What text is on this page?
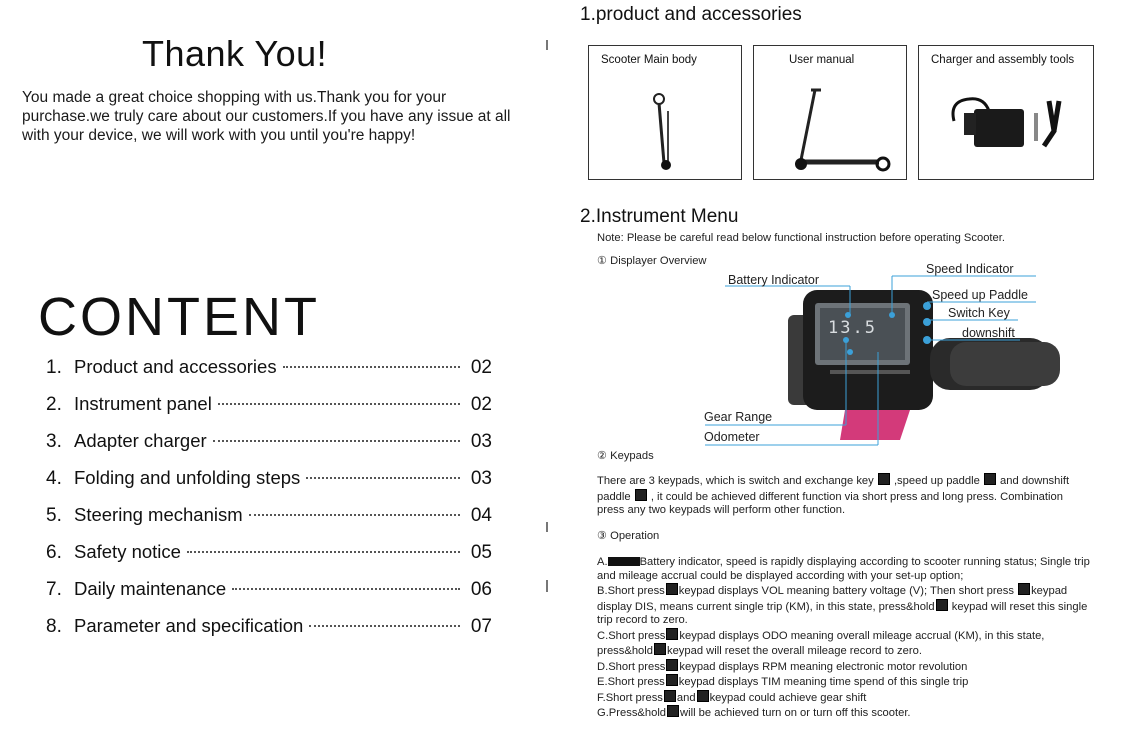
Thank You!
You made a great choice shopping with us.Thank you for your purchase.we truly care about our customers.If you have any issue at all with your device, we will work with you until you're happy!
CONTENT
1. Product and accessories	02
2. Instrument panel	02
3. Adapter charger	03
4. Folding and unfolding steps	03
5. Steering mechanism	04
6. Safety notice	05
7. Daily maintenance	06
8. Parameter and specification	07
1.product and accessories
Scooter Main body	User manual	Charger and assembly tools
2.Instrument Menu
Note: Please be careful read below functional instruction before operating Scooter.
① Displayer Overview
13.5
Battery Indicator
Speed Indicator
Speed up Paddle
Switch Key
downshift
Gear Range
Odometer
② Keypads
There are 3 keypads, which is switch and exchange key ,speed up paddle and downshift paddle , it could be achieved different function via short press and long press. Combination press any two keypads will perform other function.
③ Operation
A.	Battery indicator, speed is rapidly displaying according to scooter running status; Single trip and mileage accrual could be displayed according with your set-up option;
B.Short press keypad displays VOL meaning battery voltage (V); Then short press keypad display DIS, means current single trip (KM), in this state, press&hold keypad will reset this single trip record to zero.
C.Short press keypad displays ODO meaning overall mileage accrual (KM), in this state, press&hold keypad will reset the overall mileage record to zero.
D.Short press keypad displays RPM meaning electronic motor revolution
E.Short press keypad displays TIM meaning time spend of this single trip
F.Short press and keypad could achieve gear shift
G.Press&hold will be achieved turn on or turn off this scooter.
